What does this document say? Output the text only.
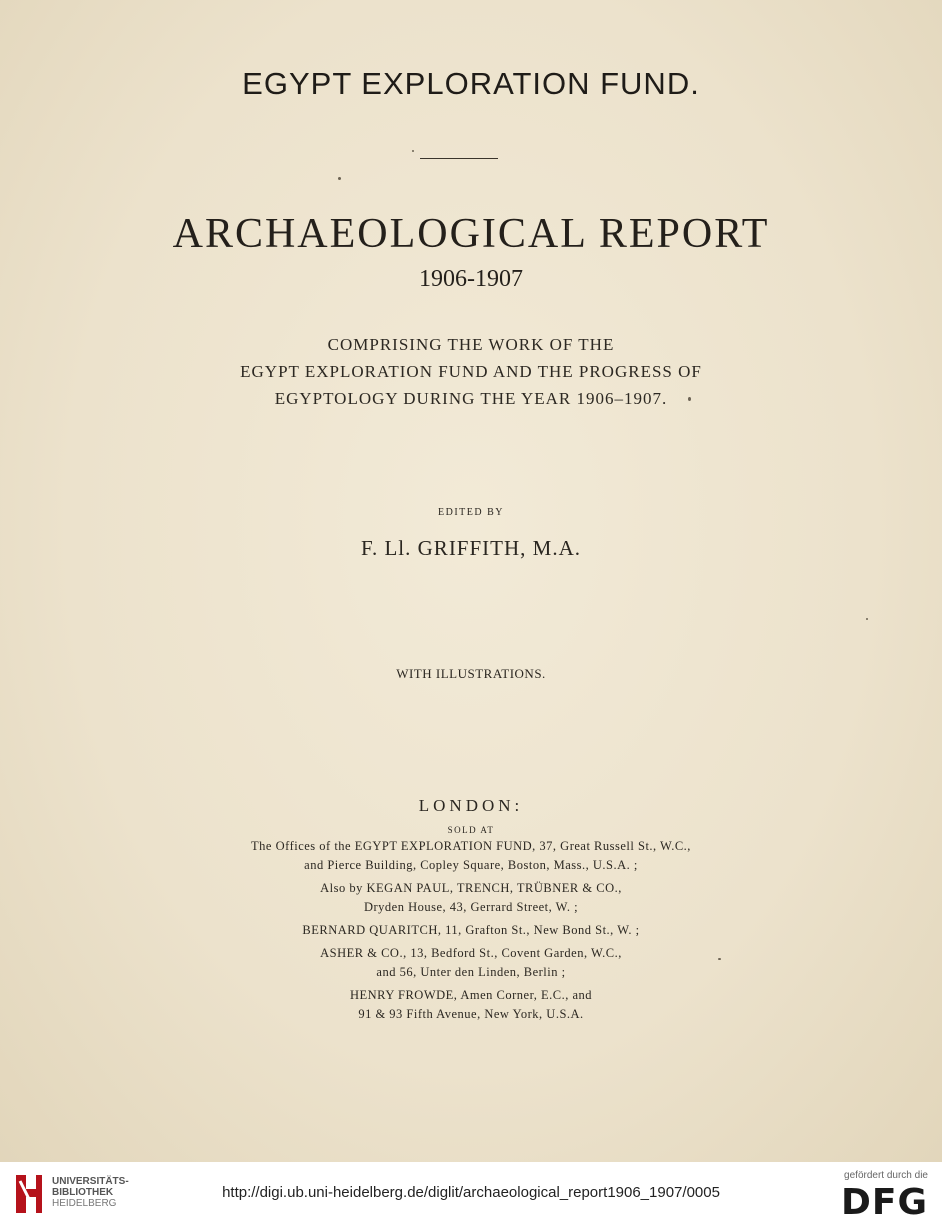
EGYPT EXPLORATION FUND.
ARCHAEOLOGICAL REPORT
1906-1907
COMPRISING THE WORK OF THE
EGYPT EXPLORATION FUND AND THE PROGRESS OF
EGYPTOLOGY DURING THE YEAR 1906–1907.
EDITED BY
F. Ll. GRIFFITH, M.A.
WITH ILLUSTRATIONS.
LONDON:
SOLD AT
The Offices of the EGYPT EXPLORATION FUND, 37, Great Russell St., W.C.,
and Pierce Building, Copley Square, Boston, Mass., U.S.A. ;
Also by KEGAN PAUL, TRENCH, TRÜBNER & CO.,
Dryden House, 43, Gerrard Street, W. ;
BERNARD QUARITCH, 11, Grafton St., New Bond St., W. ;
ASHER & CO., 13, Bedford St., Covent Garden, W.C.,
and 56, Unter den Linden, Berlin ;
HENRY FROWDE, Amen Corner, E.C., and
91 & 93 Fifth Avenue, New York, U.S.A.
UNIVERSITÄTS-
BIBLIOTHEK
HEIDELBERG
http://digi.ub.uni-heidelberg.de/diglit/archaeological_report1906_1907/0005
gefördert durch die
DFG
